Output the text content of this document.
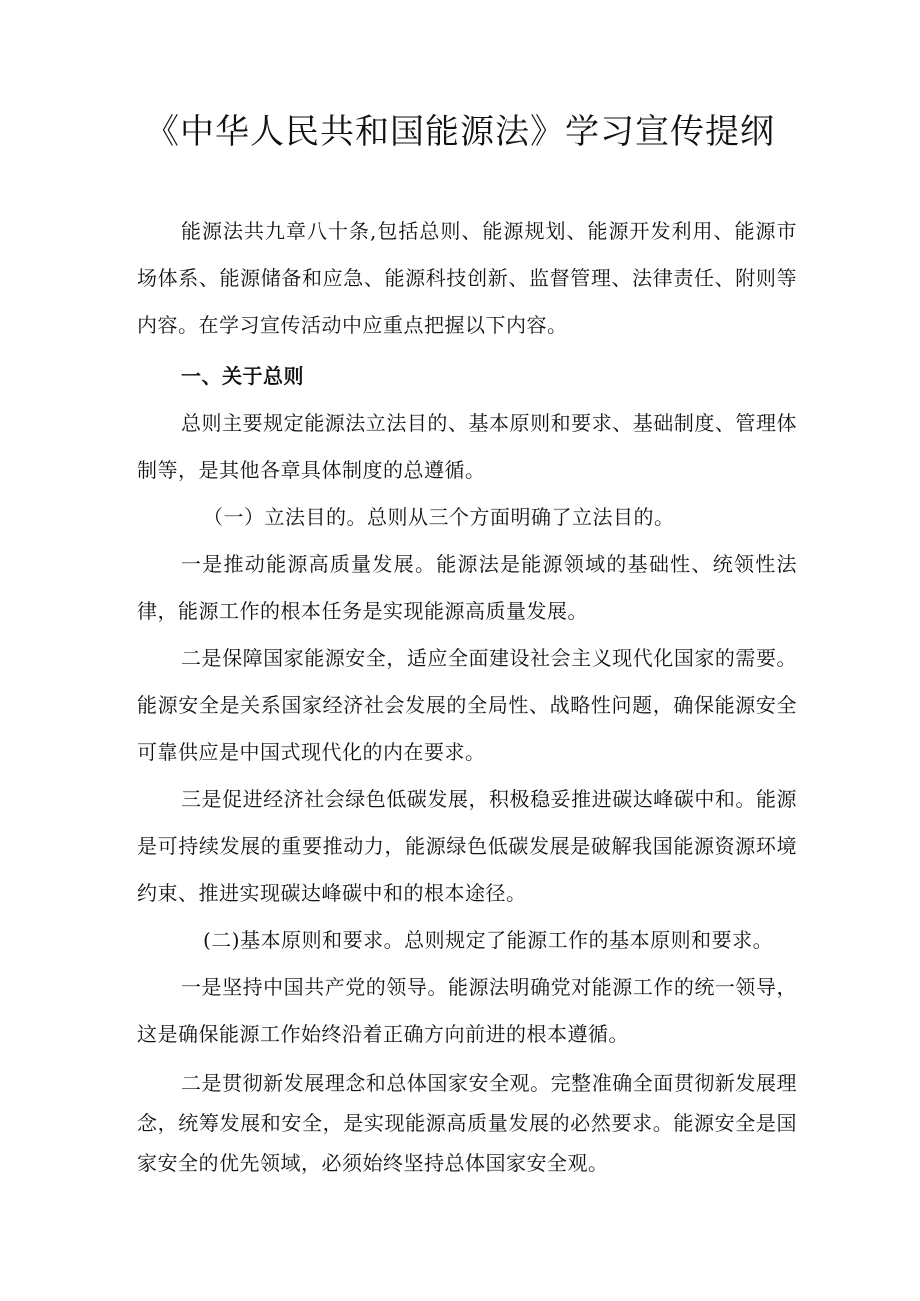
《中华人民共和国能源法》学习宣传提纲

能源法共九章八十条,包括总则、能源规划、能源开发利用、能源市场体系、能源储备和应急、能源科技创新、监督管理、法律责任、附则等内容。在学习宣传活动中应重点把握以下内容。

一、关于总则

总则主要规定能源法立法目的、基本原则和要求、基础制度、管理体制等，是其他各章具体制度的总遵循。

（一）立法目的。总则从三个方面明确了立法目的。

一是推动能源高质量发展。能源法是能源领域的基础性、统领性法律，能源工作的根本任务是实现能源高质量发展。

二是保障国家能源安全，适应全面建设社会主义现代化国家的需要。能源安全是关系国家经济社会发展的全局性、战略性问题，确保能源安全可靠供应是中国式现代化的内在要求。

三是促进经济社会绿色低碳发展，积极稳妥推进碳达峰碳中和。能源是可持续发展的重要推动力，能源绿色低碳发展是破解我国能源资源环境约束、推进实现碳达峰碳中和的根本途径。

(二)基本原则和要求。总则规定了能源工作的基本原则和要求。

一是坚持中国共产党的领导。能源法明确党对能源工作的统一领导，这是确保能源工作始终沿着正确方向前进的根本遵循。

二是贯彻新发展理念和总体国家安全观。完整准确全面贯彻新发展理念，统筹发展和安全，是实现能源高质量发展的必然要求。能源安全是国家安全的优先领域，必须始终坚持总体国家安全观。
